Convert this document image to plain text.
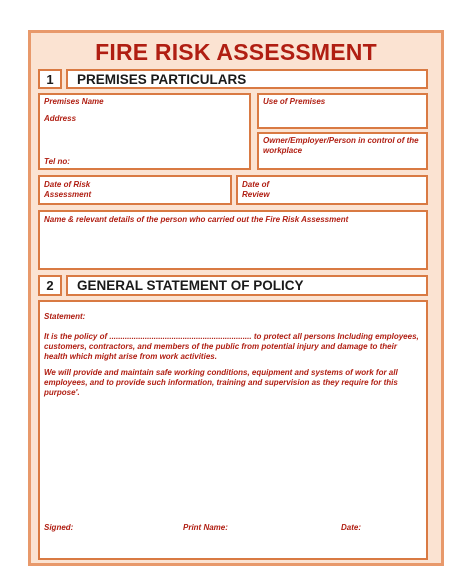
FIRE RISK ASSESSMENT
1	PREMISES PARTICULARS
Premises Name
Address
Tel no:
Use of Premises
Owner/Employer/Person in control of the workplace
Date of Risk
Assessment
Date of
Review
Name & relevant details of the person who carried out the Fire Risk Assessment
2	GENERAL STATEMENT OF POLICY
Statement:
It is the policy of ................................................................ to protect all persons Including employees, customers, contractors, and members of the public from potential injury and damage to their health which might arise from work activities.
We will provide and maintain safe working conditions, equipment and systems of work for all employees, and to provide such information, training and supervision as they require for this purpose'.
Signed:	Print Name:	Date:
